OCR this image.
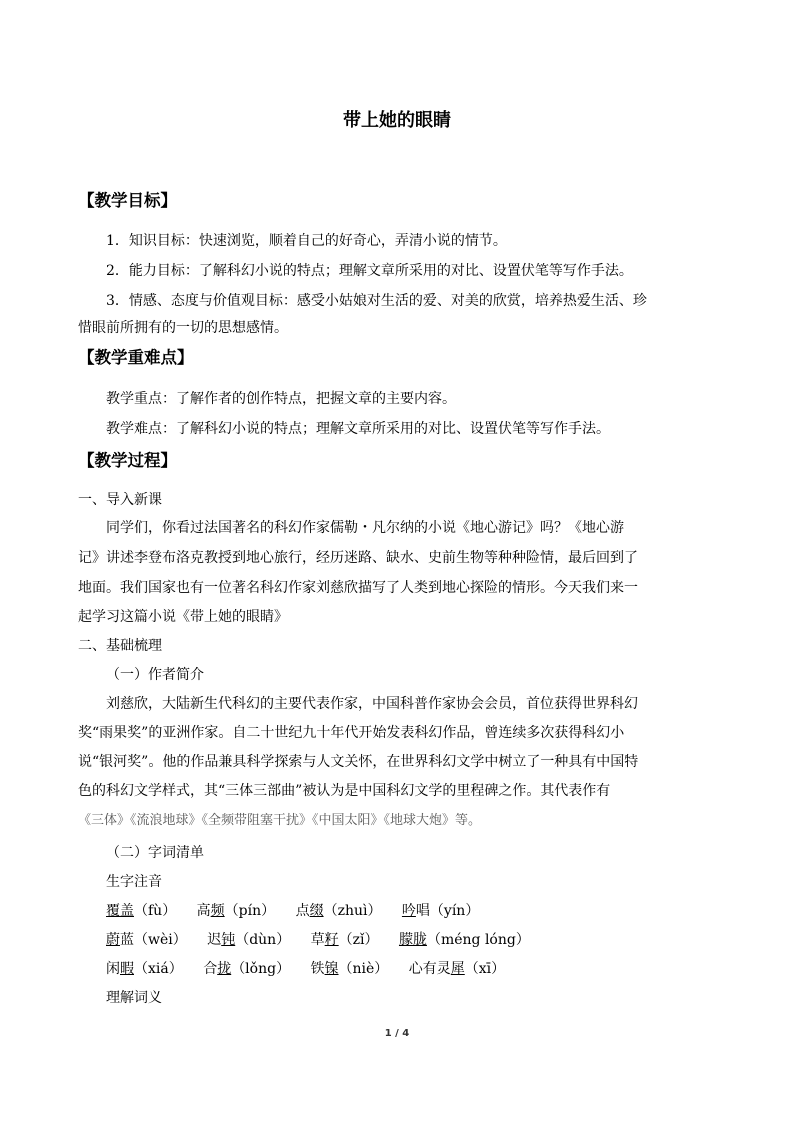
带上她的眼睛
【教学目标】
1．知识目标：快速浏览，顺着自己的好奇心，弄清小说的情节。
2．能力目标：了解科幻小说的特点；理解文章所采用的对比、设置伏笔等写作手法。
3．情感、态度与价值观目标：感受小姑娘对生活的爱、对美的欣赏，培养热爱生活、珍
惜眼前所拥有的一切的思想感情。
【教学重难点】
教学重点：了解作者的创作特点，把握文章的主要内容。
教学难点：了解科幻小说的特点；理解文章所采用的对比、设置伏笔等写作手法。
【教学过程】
一、导入新课
同学们，你看过法国著名的科幻作家儒勒・凡尔纳的小说《地心游记》吗？《地心游
记》讲述李登布洛克教授到地心旅行，经历迷路、缺水、史前生物等种种险情，最后回到了
地面。我们国家也有一位著名科幻作家刘慈欣描写了人类到地心探险的情形。今天我们来一
起学习这篇小说《带上她的眼睛》
二、基础梳理
（一）作者简介
刘慈欣，大陆新生代科幻的主要代表作家，中国科普作家协会会员，首位获得世界科幻
奖“雨果奖”的亚洲作家。自二十世纪九十年代开始发表科幻作品，曾连续多次获得科幻小
说“银河奖”。他的作品兼具科学探索与人文关怀，在世界科幻文学中树立了一种具有中国特
色的科幻文学样式，其“三体三部曲”被认为是中国科幻文学的里程碑之作。其代表作有
《三体》《流浪地球》《全频带阻塞干扰》《中国太阳》《地球大炮》等。
（二）字词清单
生字注音
覆盖（fù） 高频（pín） 点缀（zhuì） 吟唱（yín）
蔚蓝（wèi） 迟钝（dùn） 草籽（zǐ） 朦胧（méng lóng）
闲暇（xiá） 合拢（lǒng） 铁镍（niè） 心有灵犀（xī）
理解词义
1 / 4
